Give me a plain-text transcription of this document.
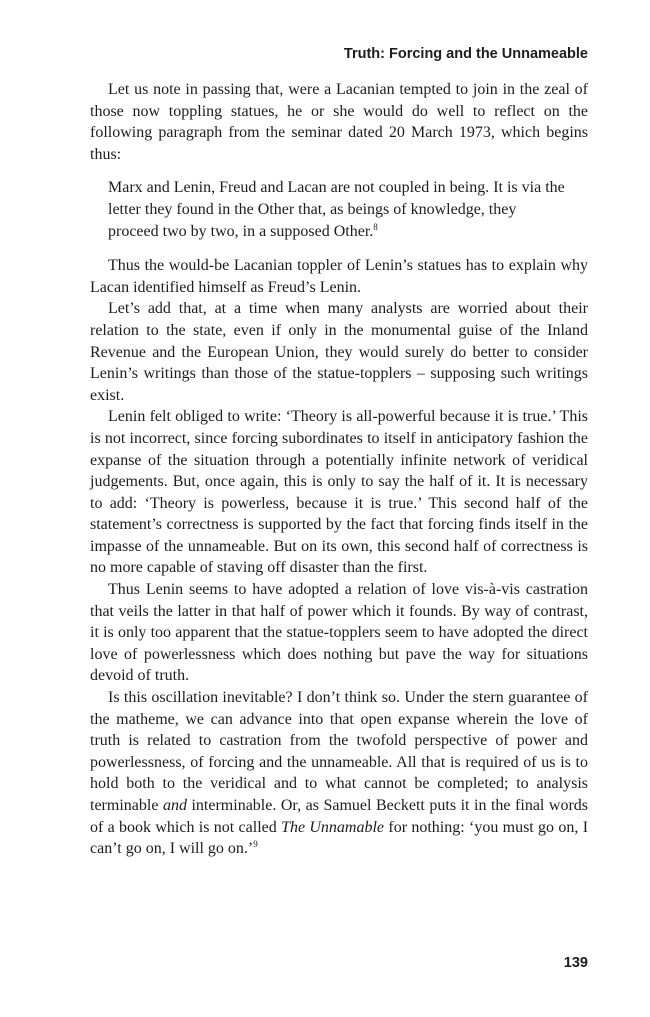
Truth: Forcing and the Unnameable

Let us note in passing that, were a Lacanian tempted to join in the zeal of those now toppling statues, he or she would do well to reflect on the following paragraph from the seminar dated 20 March 1973, which begins thus:

Marx and Lenin, Freud and Lacan are not coupled in being. It is via the letter they found in the Other that, as beings of knowledge, they proceed two by two, in a supposed Other.$^8$

Thus the would-be Lacanian toppler of Lenin’s statues has to explain why Lacan identified himself as Freud’s Lenin.

Let’s add that, at a time when many analysts are worried about their relation to the state, even if only in the monumental guise of the Inland Revenue and the European Union, they would surely do better to consider Lenin’s writings than those of the statue-topplers – supposing such writings exist.

Lenin felt obliged to write: ‘Theory is all-powerful because it is true.’ This is not incorrect, since forcing subordinates to itself in anticipatory fashion the expanse of the situation through a potentially infinite network of veridical judgements. But, once again, this is only to say the half of it. It is necessary to add: ‘Theory is powerless, because it is true.’ This second half of the statement’s correctness is supported by the fact that forcing finds itself in the impasse of the unnameable. But on its own, this second half of correctness is no more capable of staving off disaster than the first.

Thus Lenin seems to have adopted a relation of love vis-à-vis castration that veils the latter in that half of power which it founds. By way of contrast, it is only too apparent that the statue-topplers seem to have adopted the direct love of powerlessness which does nothing but pave the way for situations devoid of truth.

Is this oscillation inevitable? I don’t think so. Under the stern guarantee of the matheme, we can advance into that open expanse wherein the love of truth is related to castration from the twofold perspective of power and powerlessness, of forcing and the unnameable. All that is required of us is to hold both to the veridical and to what cannot be completed; to analysis terminable and interminable. Or, as Samuel Beckett puts it in the final words of a book which is not called The Unnamable for nothing: ‘you must go on, I can’t go on, I will go on.’$^9$

139
